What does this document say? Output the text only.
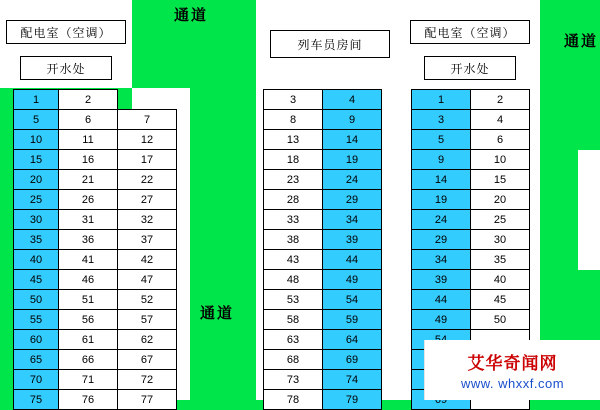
配电室（空调）
开水处
通道
通道
1	2
5	6	7
10	11	12
15	16	17
20	21	22
25	26	27
30	31	32
35	36	37
40	41	42
45	46	47
50	51	52
55	56	57
60	61	62
65	66	67
70	71	72
75	76	77
列车员房间
3	4
8	9
13	14
18	19
23	24
28	29
33	34
38	39
43	44
48	49
53	54
58	59
63	64
68	69
73	74
78	79
配电室（空调）
开水处
1	2
3	4
5	6
9	10
14	15
19	20
24	25
29	30
34	35
39	40
44	45
49	50
通道
艾华奇闻网
www. whxxf.com
